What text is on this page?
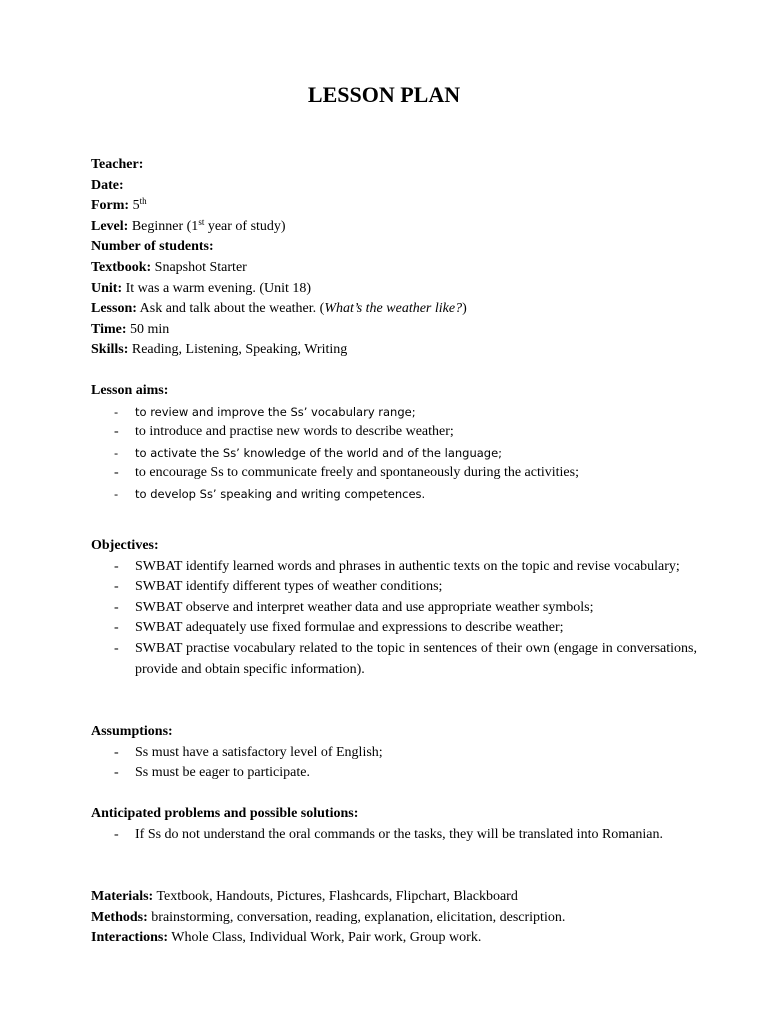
LESSON PLAN
Teacher:
Date:
Form: 5th
Level: Beginner (1st year of study)
Number of students:
Textbook: Snapshot Starter
Unit: It was a warm evening. (Unit 18)
Lesson: Ask and talk about the weather. (What’s the weather like?)
Time: 50 min
Skills: Reading, Listening, Speaking, Writing
Lesson aims:
- to review and improve the Ss’ vocabulary range;
- to introduce and practise new words to describe weather;
- to activate the Ss’ knowledge of the world and of the language;
- to encourage Ss to communicate freely and spontaneously during the activities;
- to develop Ss’ speaking and writing competences.
Objectives:
- SWBAT identify learned words and phrases in authentic texts on the topic and revise vocabulary;
- SWBAT identify different types of weather conditions;
- SWBAT observe and interpret weather data and use appropriate weather symbols;
- SWBAT adequately use fixed formulae and expressions to describe weather;
- SWBAT practise vocabulary related to the topic in sentences of their own (engage in conversations, provide and obtain specific information).
Assumptions:
- Ss must have a satisfactory level of English;
- Ss must be eager to participate.
Anticipated problems and possible solutions:
- If Ss do not understand the oral commands or the tasks, they will be translated into Romanian.
Materials: Textbook, Handouts, Pictures, Flashcards, Flipchart, Blackboard
Methods: brainstorming, conversation, reading, explanation, elicitation, description.
Interactions: Whole Class, Individual Work, Pair work, Group work.
